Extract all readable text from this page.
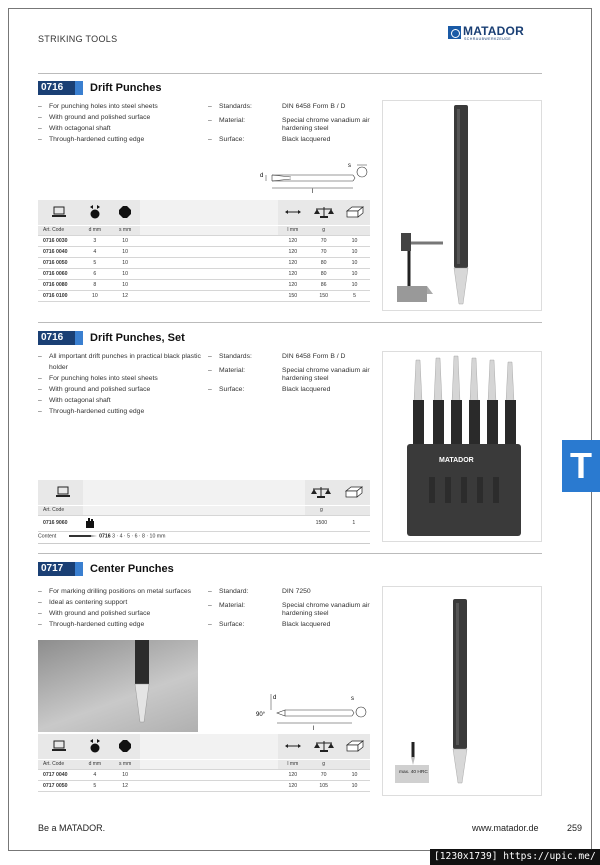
STRIKING TOOLS
MATADOR
SCHRAUBWERKZEUGE
0716	Drift Punches
– For punching holes into steel sheets
– With ground and polished surface
– With octagonal shaft
– Through-hardened cutting edge
– Standards:	DIN 6458 Form B / D
– Material:	Special chrome vanadium air hardening steel
– Surface:	Black lacquered
d
l
s

Art. Code	d mm	s mm		l mm	g	
0716 0030	3	10		120	70	10
0716 0040	4	10		120	70	10
0716 0050	5	10		120	80	10
0716 0060	6	10		120	80	10
0716 0080	8	10		120	86	10
0716 0100	10	12		150	150	5
0716	Drift Punches, Set
– All important drift punches in practical black plastic holder
– For punching holes into steel sheets
– With ground and polished surface
– With octagonal shaft
– Through-hardened cutting edge
– Standards:	DIN 6458 Form B / D
– Material:	Special chrome vanadium air hardening steel
– Surface:	Black lacquered

Art. Code		g	
0716 9060		1500	1
Content	0716 3 · 4 · 5 · 6 · 8 · 10 mm
MATADOR	T
0717	Center Punches
– For marking drilling positions on metal surfaces
– Ideal as centering support
– With ground and polished surface
– Through-hardened cutting edge
– Standard:	DIN 7250
– Material:	Special chrome vanadium air hardening steel
– Surface:	Black lacquered
90°
d
l
s

Art. Code	d mm	s mm		l mm	g	
0717 0040	4	10		120	70	10
0717 0050	5	12		120	105	10
max. 40 HRC
Be a MATADOR.	www.matador.de	259
[1230x1739] https://upic.me/
